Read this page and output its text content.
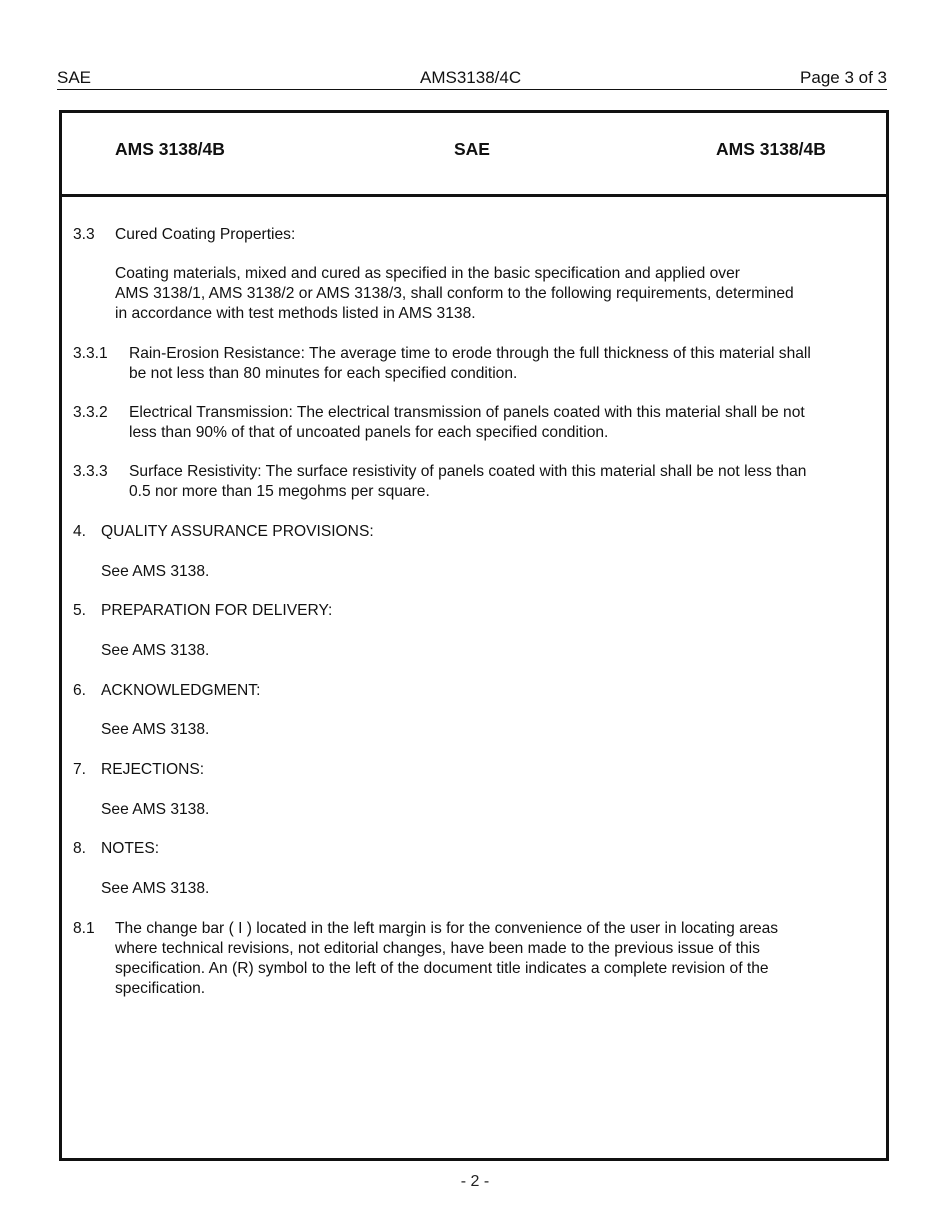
SAE	AMS3138/4C	Page 3 of 3
AMS 3138/4B	SAE	AMS 3138/4B
3.3 Cured Coating Properties:
Coating materials, mixed and cured as specified in the basic specification and applied over
AMS 3138/1, AMS 3138/2 or AMS 3138/3, shall conform to the following requirements, determined
in accordance with test methods listed in AMS 3138.
3.3.1 Rain-Erosion Resistance: The average time to erode through the full thickness of this material shall
be not less than 80 minutes for each specified condition.
3.3.2 Electrical Transmission: The electrical transmission of panels coated with this material shall be not
less than 90% of that of uncoated panels for each specified condition.
3.3.3 Surface Resistivity: The surface resistivity of panels coated with this material shall be not less than
0.5 nor more than 15 megohms per square.
4. QUALITY ASSURANCE PROVISIONS:
See AMS 3138.
5. PREPARATION FOR DELIVERY:
See AMS 3138.
6. ACKNOWLEDGMENT:
See AMS 3138.
7. REJECTIONS:
See AMS 3138.
8. NOTES:
See AMS 3138.
8.1 The change bar ( I ) located in the left margin is for the convenience of the user in locating areas
where technical revisions, not editorial changes, have been made to the previous issue of this
specification. An (R) symbol to the left of the document title indicates a complete revision of the
specification.
- 2 -
